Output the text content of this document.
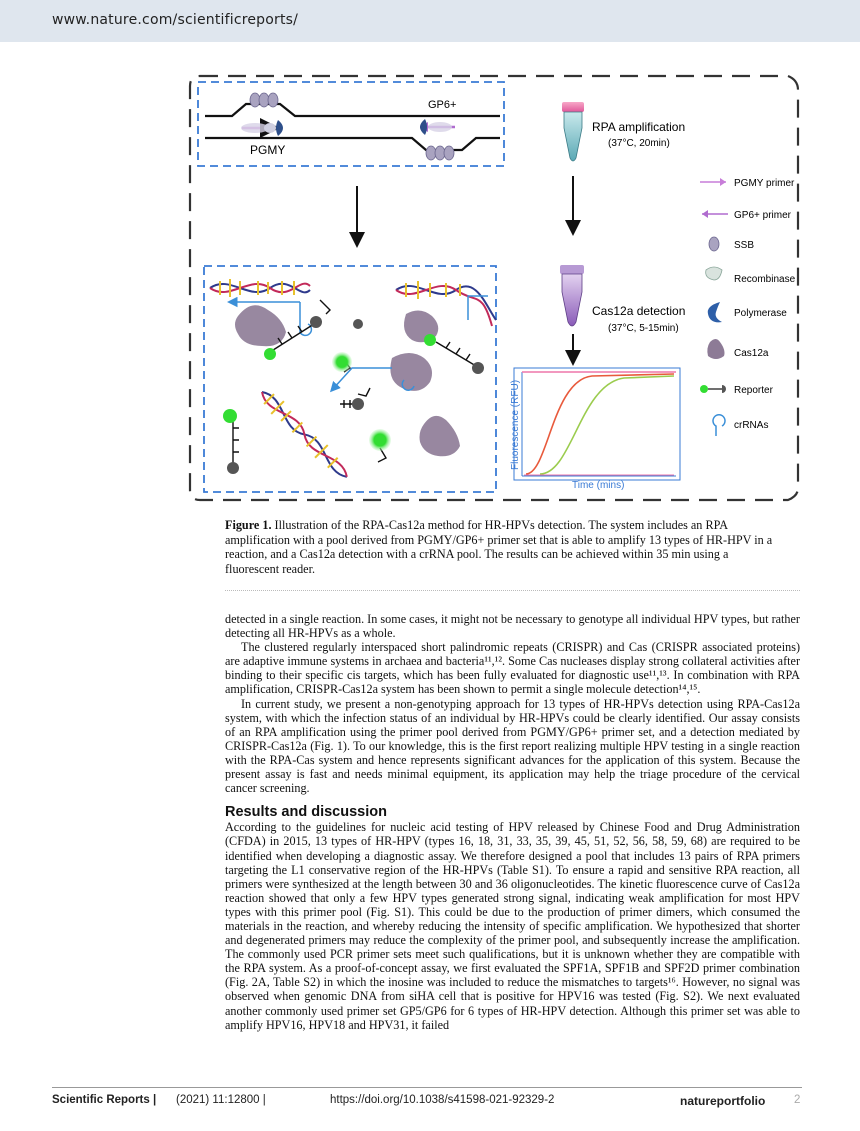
www.nature.com/scientificreports/
GP6+
PGMY
RPA amplification
(37°C, 20min)
Cas12a detection
(37°C, 5-15min)
Fluorescence (RFU)
Time (mins)
PGMY primer
GP6+ primer
SSB
Recombinase
Polymerase
Cas12a
Reporter
crRNAs
Figure 1. Illustration of the RPA-Cas12a method for HR-HPVs detection. The system includes an RPA amplification with a pool derived from PGMY/GP6+ primer set that is able to amplify 13 types of HR-HPV in a reaction, and a Cas12a detection with a crRNA pool. The results can be achieved within 35 min using a fluorescent reader.

detected in a single reaction. In some cases, it might not be necessary to genotype all individual HPV types, but rather detecting all HR-HPVs as a whole.

The clustered regularly interspaced short palindromic repeats (CRISPR) and Cas (CRISPR associated proteins) are adaptive immune systems in archaea and bacteria¹¹,¹². Some Cas nucleases display strong collateral activities after binding to their specific cis targets, which has been fully evaluated for diagnostic use¹¹,¹³. In combination with RPA amplification, CRISPR-Cas12a system has been shown to permit a single molecule detection¹⁴,¹⁵.

In current study, we present a non-genotyping approach for 13 types of HR-HPVs detection using RPA-Cas12a system, with which the infection status of an individual by HR-HPVs could be clearly identified. Our assay consists of an RPA amplification using the primer pool derived from PGMY/GP6+ primer set, and a detection mediated by CRISPR-Cas12a (Fig. 1). To our knowledge, this is the first report realizing multiple HPV testing in a single reaction with the RPA-Cas system and hence represents significant advances for the application of this system. Because the present assay is fast and needs minimal equipment, its application may help the triage procedure of the cervical cancer screening.

Results and discussion

According to the guidelines for nucleic acid testing of HPV released by Chinese Food and Drug Administration (CFDA) in 2015, 13 types of HR-HPV (types 16, 18, 31, 33, 35, 39, 45, 51, 52, 56, 58, 59, 68) are required to be identified when developing a diagnostic assay. We therefore designed a pool that includes 13 pairs of RPA primers targeting the L1 conservative region of the HR-HPVs (Table S1). To ensure a rapid and sensitive RPA reaction, all primers were synthesized at the length between 30 and 36 oligonucleotides. The kinetic fluorescence curve of Cas12a reaction showed that only a few HPV types generated strong signal, indicating weak amplification for most HPV types with this primer pool (Fig. S1). This could be due to the production of primer dimers, which consumed the materials in the reaction, and whereby reducing the intensity of specific amplification. We hypothesized that shorter and degenerated primers may reduce the complexity of the primer pool, and subsequently increase the amplification. The commonly used PCR primer sets meet such qualifications, but it is unknown whether they are compatible with the RPA system. As a proof-of-concept assay, we first evaluated the SPF1A, SPF1B and SPF2D primer combination (Fig. 2A, Table S2) in which the inosine was included to reduce the mismatches to targets¹⁶. However, no signal was observed when genomic DNA from siHA cell that is positive for HPV16 was tested (Fig. S2). We next evaluated another commonly used primer set GP5/GP6 for 6 types of HR-HPV detection. Although this primer set was able to amplify HPV16, HPV18 and HPV31, it failed

Scientific Reports | (2021) 11:12800 |	https://doi.org/10.1038/s41598-021-92329-2	natureportfolio 2
